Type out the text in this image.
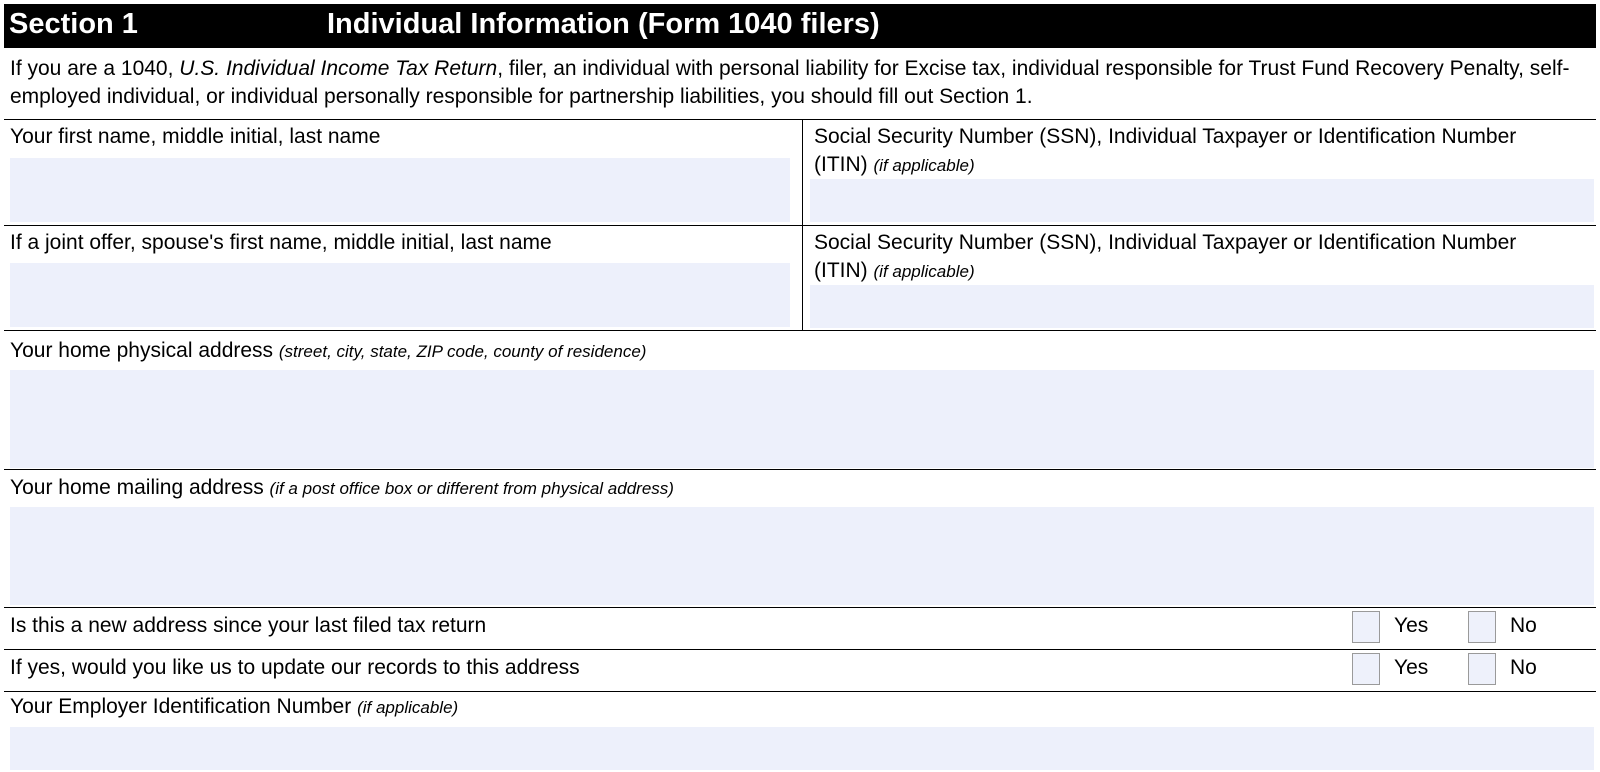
Section 1	Individual Information (Form 1040 filers)
If you are a 1040, U.S. Individual Income Tax Return, filer, an individual with personal liability for Excise tax, individual responsible for Trust Fund Recovery Penalty, self-employed individual, or individual personally responsible for partnership liabilities, you should fill out Section 1.
Your first name, middle initial, last name	Social Security Number (SSN), Individual Taxpayer or Identification Number (ITIN) (if applicable)
If a joint offer, spouse's first name, middle initial, last name	Social Security Number (SSN), Individual Taxpayer or Identification Number (ITIN) (if applicable)
Your home physical address (street, city, state, ZIP code, county of residence)
Your home mailing address (if a post office box or different from physical address)
Is this a new address since your last filed tax return	Yes	No
If yes, would you like us to update our records to this address	Yes	No
Your Employer Identification Number (if applicable)
